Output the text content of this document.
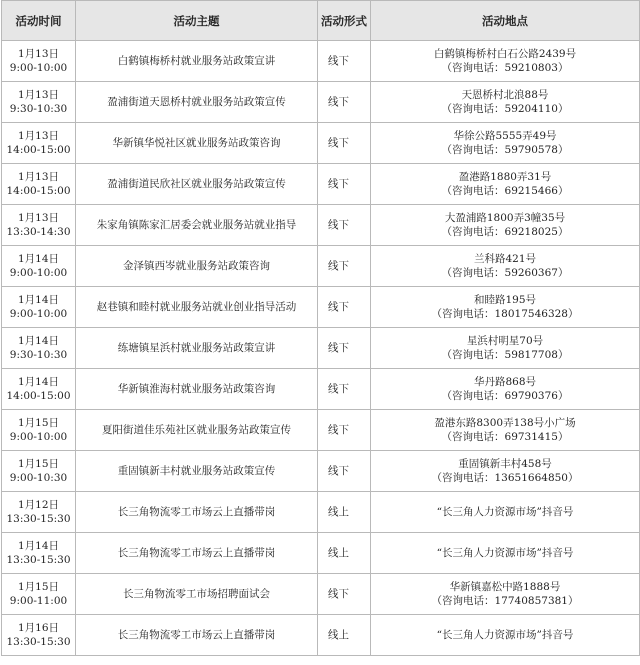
活动时间	活动主题	活动形式	活动地点

1月13日
9:00-10:00	白鹤镇梅桥村就业服务站政策宣讲	线下	白鹤镇梅桥村白石公路2439号
（咨询电话：59210803）

1月13日
9:30-10:30	盈浦街道天恩桥村就业服务站政策宣传	线下	天恩桥村北浪88号
（咨询电话：59204110）

1月13日
14:00-15:00	华新镇华悦社区就业服务站政策咨询	线下	华徐公路5555弄49号
（咨询电话：59790578）

1月13日
14:00-15:00	盈浦街道民欣社区就业服务站政策宣传	线下	盈港路1880弄31号
（咨询电话：69215466）

1月13日
13:30-14:30	朱家角镇陈家汇居委会就业服务站就业指导	线下	大盈浦路1800弄3幢35号
（咨询电话：69218025）

1月14日
9:00-10:00	金泽镇西岑就业服务站政策咨询	线下	兰科路421号
（咨询电话：59260367）

1月14日
9:00-10:00	赵巷镇和睦村就业服务站就业创业指导活动	线下	和睦路195号
（咨询电话：18017546328）

1月14日
9:30-10:30	练塘镇星浜村就业服务站政策宣讲	线下	星浜村明星70号
（咨询电话：59817708）

1月14日
14:00-15:00	华新镇淮海村就业服务站政策咨询	线下	华丹路868号
（咨询电话：69790376）

1月15日
9:00-10:00	夏阳街道佳乐苑社区就业服务站政策宣传	线下	盈港东路8300弄138号小广场
（咨询电话：69731415）

1月15日
9:00-10:30	重固镇新丰村就业服务站政策宣传	线下	重固镇新丰村458号
（咨询电话：13651664850）

1月12日
13:30-15:30	长三角物流零工市场云上直播带岗	线上	“长三角人力资源市场”抖音号

1月14日
13:30-15:30	长三角物流零工市场云上直播带岗	线上	“长三角人力资源市场”抖音号

1月15日
9:00-11:00	长三角物流零工市场招聘面试会	线下	华新镇嘉松中路1888号
（咨询电话：17740857381）

1月16日
13:30-15:30	长三角物流零工市场云上直播带岗	线上	“长三角人力资源市场”抖音号
